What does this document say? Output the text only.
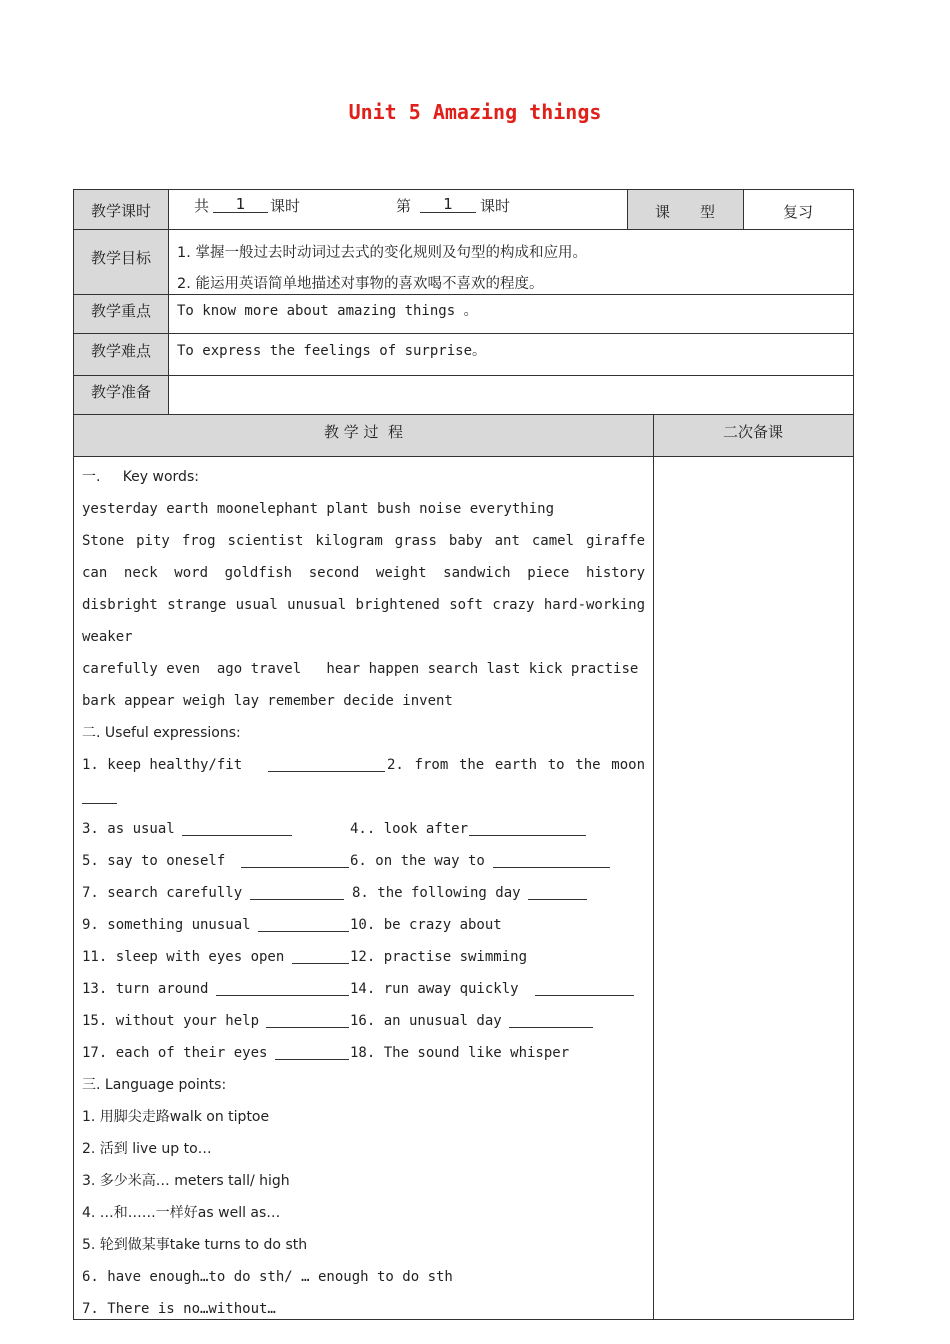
Unit 5 Amazing things
教学课时	共	1	课时	第	1	课时	课　　型	复习
教学目标	1. 掌握一般过去时动词过去式的变化规则及句型的构成和应用。
2. 能运用英语简单地描述对事物的喜欢喝不喜欢的程度。
教学重点	To know more about amazing things 。
教学难点	To express the feelings of surprise。
教学准备
教 学 过  程	二次备课
一.     Key words:
yesterday earth moonelephant plant bush noise everything
Stone pity frog scientist kilogram grass baby ant camel giraffe
can neck word goldfish second weight sandwich piece history
disbright strange usual unusual brightened soft crazy hard-working
weaker
carefully even  ago travel   hear happen search last kick practise
bark appear weigh lay remember decide invent
二. Useful expressions:
1. keep healthy/fit	2. from the earth to the moon
3. as usual	4.. look after
5. say to oneself	6. on the way to
7. search carefully	8. the following day
9. something unusual	10. be crazy about
11. sleep with eyes open	12. practise swimming
13. turn around	14. run away quickly
15. without your help	16. an unusual day
17. each of their eyes	18. The sound like whisper
三. Language points:
1. 用脚尖走路walk on tiptoe
2. 活到 live up to…
3. 多少米高… meters tall/ high
4. …和……一样好as well as…
5. 轮到做某事take turns to do sth
6. have enough…to do sth/ … enough to do sth
7. There is no…without…
